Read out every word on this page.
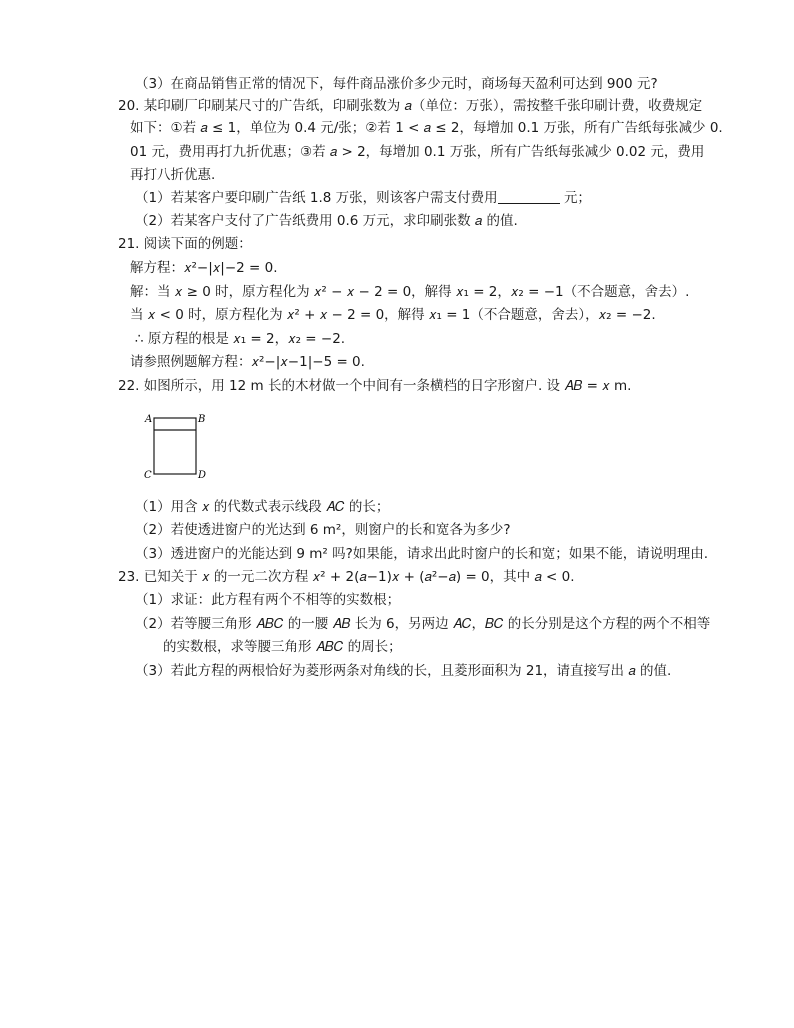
（3）在商品销售正常的情况下，每件商品涨价多少元时，商场每天盈利可达到 900 元?
20. 某印刷厂印刷某尺寸的广告纸，印刷张数为 𝑎（单位：万张），需按整千张印刷计费，收费规定
如下：①若 𝑎 ≤ 1，单位为 0.4 元/张；②若 1 < 𝑎 ≤ 2，每增加 0.1 万张，所有广告纸每张减少 0.
01 元，费用再打九折优惠；③若 𝑎 > 2，每增加 0.1 万张，所有广告纸每张减少 0.02 元，费用
再打八折优惠.
（1）若某客户要印刷广告纸 1.8 万张，则该客户需支付费用	元；
（2）若某客户支付了广告纸费用 0.6 万元，求印刷张数 𝑎 的值.
21. 阅读下面的例题：
解方程：𝑥²−|𝑥|−2 = 0.
解：当 𝑥 ≥ 0 时，原方程化为 𝑥² − 𝑥 − 2 = 0，解得 𝑥₁ = 2，𝑥₂ = −1（不合题意，舍去）.
当 𝑥 < 0 时，原方程化为 𝑥² + 𝑥 − 2 = 0，解得 𝑥₁ = 1（不合题意，舍去），𝑥₂ = −2.
∴ 原方程的根是 𝑥₁ = 2，𝑥₂ = −2.
请参照例题解方程：𝑥²−|𝑥−1|−5 = 0.
22. 如图所示，用 12 m 长的木材做一个中间有一条横档的日字形窗户. 设 𝐴𝐵 = 𝑥 m.
A	B
C	D
（1）用含 𝑥 的代数式表示线段 𝐴𝐶 的长；
（2）若使透进窗户的光达到 6 m²，则窗户的长和宽各为多少?
（3）透进窗户的光能达到 9 m² 吗?如果能，请求出此时窗户的长和宽；如果不能，请说明理由.
23. 已知关于 𝑥 的一元二次方程 𝑥² + 2(𝑎−1)𝑥 + (𝑎²−𝑎) = 0，其中 𝑎 < 0.
（1）求证：此方程有两个不相等的实数根；
（2）若等腰三角形 𝐴𝐵𝐶 的一腰 𝐴𝐵 长为 6，另两边 𝐴𝐶，𝐵𝐶 的长分别是这个方程的两个不相等
的实数根，求等腰三角形 𝐴𝐵𝐶 的周长；
（3）若此方程的两根恰好为菱形两条对角线的长，且菱形面积为 21，请直接写出 𝑎 的值.
